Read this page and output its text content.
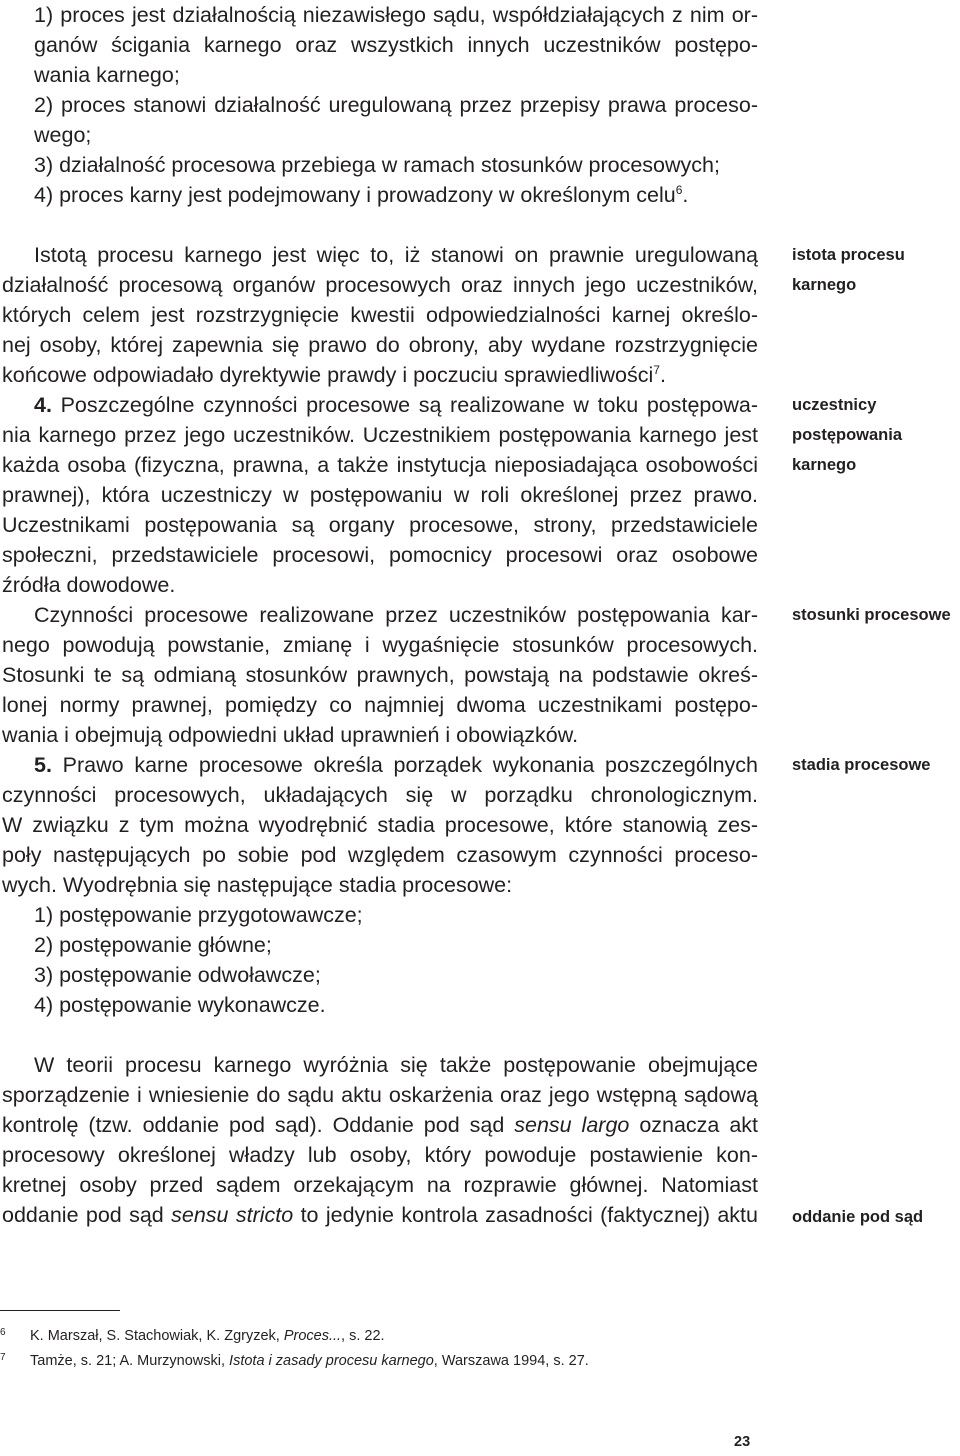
1) proces jest działalnością niezawisłego sądu, współdziałających z nim or-
ganów ścigania karnego oraz wszystkich innych uczestników postępo-
wania karnego;
2) proces stanowi działalność uregulowaną przez przepisy prawa proceso-
wego;
3) działalność procesowa przebiega w ramach stosunków procesowych;
4) proces karny jest podejmowany i prowadzony w określonym celu$^6$.
Istotą procesu karnego jest więc to, iż stanowi on prawnie uregulowaną
działalność procesową organów procesowych oraz innych jego uczestników,
których celem jest rozstrzygnięcie kwestii odpowiedzialności karnej określo-
nej osoby, której zapewnia się prawo do obrony, aby wydane rozstrzygnięcie
końcowe odpowiadało dyrektywie prawdy i poczuciu sprawiedliwości$^7$.
4. Poszczególne czynności procesowe są realizowane w toku postępowa-
nia karnego przez jego uczestników. Uczestnikiem postępowania karnego jest
każda osoba (fizyczna, prawna, a także instytucja nieposiadająca osobowości
prawnej), która uczestniczy w postępowaniu w roli określonej przez prawo.
Uczestnikami postępowania są organy procesowe, strony, przedstawiciele
społeczni, przedstawiciele procesowi, pomocnicy procesowi oraz osobowe
źródła dowodowe.
Czynności procesowe realizowane przez uczestników postępowania kar-
nego powodują powstanie, zmianę i wygaśnięcie stosunków procesowych.
Stosunki te są odmianą stosunków prawnych, powstają na podstawie okreś-
lonej normy prawnej, pomiędzy co najmniej dwoma uczestnikami postępo-
wania i obejmują odpowiedni układ uprawnień i obowiązków.
5. Prawo karne procesowe określa porządek wykonania poszczególnych
czynności procesowych, układających się w porządku chronologicznym.
W związku z tym można wyodrębnić stadia procesowe, które stanowią zes-
poły następujących po sobie pod względem czasowym czynności proceso-
wych. Wyodrębnia się następujące stadia procesowe:
1) postępowanie przygotowawcze;
2) postępowanie główne;
3) postępowanie odwoławcze;
4) postępowanie wykonawcze.
W teorii procesu karnego wyróżnia się także postępowanie obejmujące
sporządzenie i wniesienie do sądu aktu oskarżenia oraz jego wstępną sądową
kontrolę (tzw. oddanie pod sąd). Oddanie pod sąd sensu largo oznacza akt
procesowy określonej władzy lub osoby, który powoduje postawienie kon-
kretnej osoby przed sądem orzekającym na rozprawie głównej. Natomiast
oddanie pod sąd sensu stricto to jedynie kontrola zasadności (faktycznej) aktu
istota procesu
karnego
uczestnicy
postępowania
karnego
stosunki procesowe
stadia procesowe
oddanie pod sąd
6 K. Marszał, S. Stachowiak, K. Zgryzek, Proces..., s. 22.
7 Tamże, s. 21; A. Murzynowski, Istota i zasady procesu karnego, Warszawa 1994, s. 27.
23
